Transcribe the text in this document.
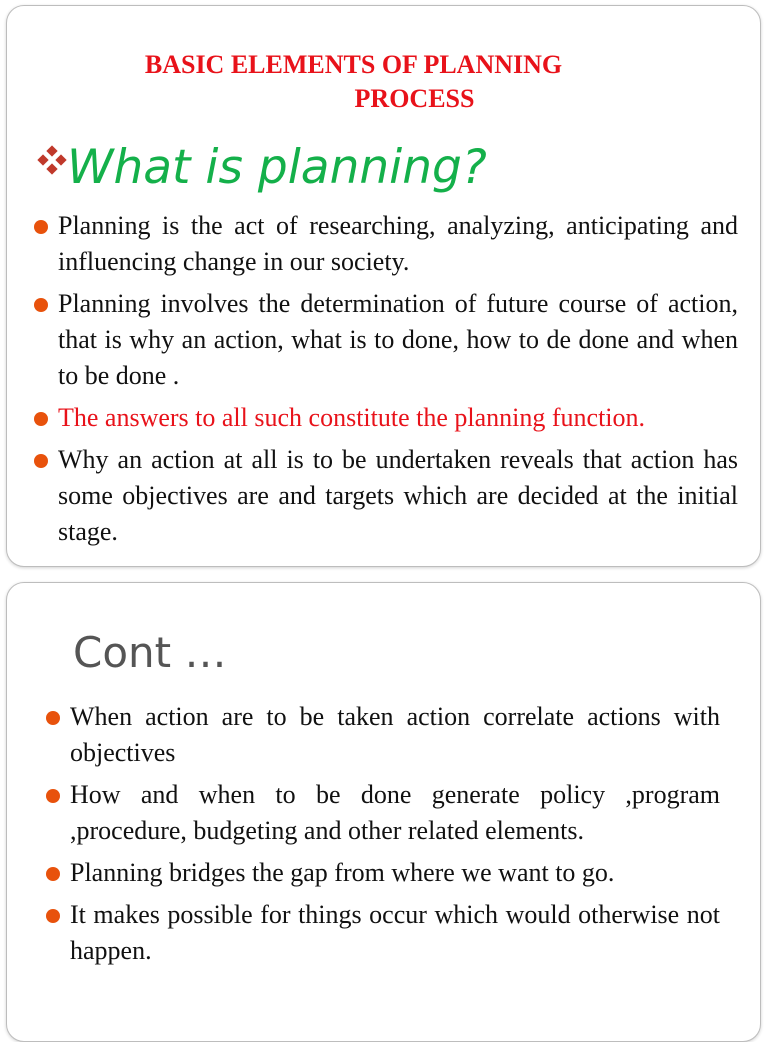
BASIC ELEMENTS OF PLANNING
PROCESS
What is planning?
Planning is the act of researching, analyzing, anticipating and influencing change in our society.
Planning involves the determination of future course of action, that is why an action, what is to done, how to de done and when to be done .
The answers to all such constitute the planning function.
Why an action at all is to be undertaken reveals that action has some objectives are and targets which are decided at the initial stage.
Cont …
When action are to be taken action correlate actions with objectives
How and when to be done generate policy ,program ,procedure, budgeting and other related elements.
Planning bridges the gap from where we want to go.
It makes possible for things occur which would otherwise not happen.
